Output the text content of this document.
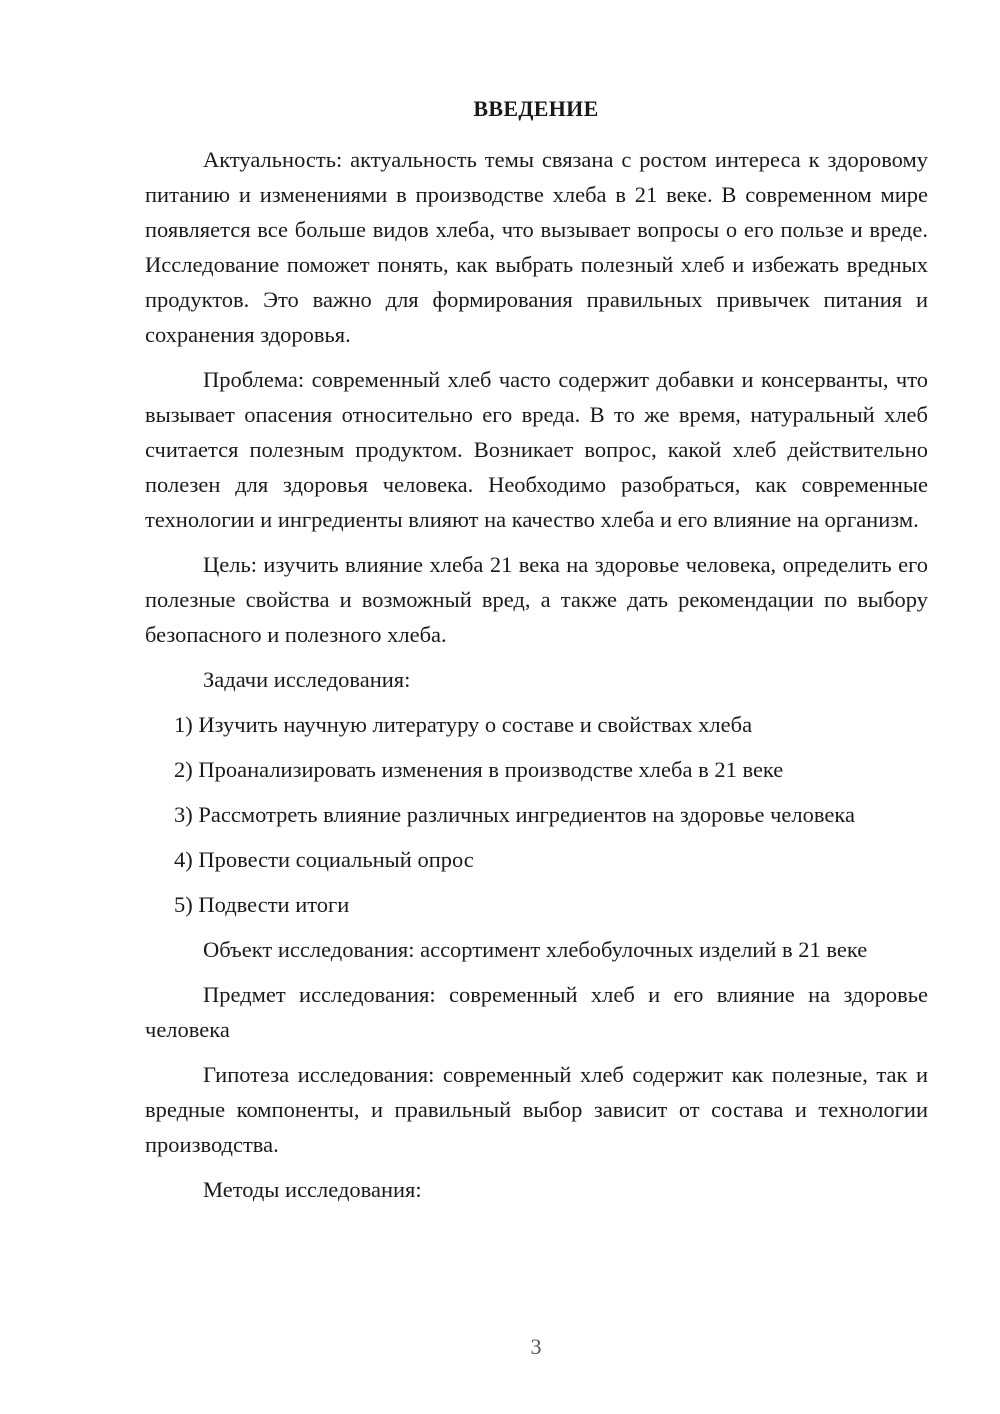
ВВЕДЕНИЕ

Актуальность: актуальность темы связана с ростом интереса к здоровому питанию и изменениями в производстве хлеба в 21 веке. В современном мире появляется все больше видов хлеба, что вызывает вопросы о его пользе и вреде. Исследование поможет понять, как выбрать полезный хлеб и избежать вредных продуктов. Это важно для формирования правильных привычек питания и сохранения здоровья.

Проблема: современный хлеб часто содержит добавки и консерванты, что вызывает опасения относительно его вреда. В то же время, натуральный хлеб считается полезным продуктом. Возникает вопрос, какой хлеб действительно полезен для здоровья человека. Необходимо разобраться, как современные технологии и ингредиенты влияют на качество хлеба и его влияние на организм.

Цель: изучить влияние хлеба 21 века на здоровье человека, определить его полезные свойства и возможный вред, а также дать рекомендации по выбору безопасного и полезного хлеба.

Задачи исследования:

1) Изучить научную литературу о составе и свойствах хлеба
2) Проанализировать изменения в производстве хлеба в 21 веке
3) Рассмотреть влияние различных ингредиентов на здоровье человека
4) Провести социальный опрос
5) Подвести итоги

Объект исследования: ассортимент хлебобулочных изделий в 21 веке

Предмет исследования: современный хлеб и его влияние на здоровье человека

Гипотеза исследования: современный хлеб содержит как полезные, так и вредные компоненты, и правильный выбор зависит от состава и технологии производства.

Методы исследования:

3
